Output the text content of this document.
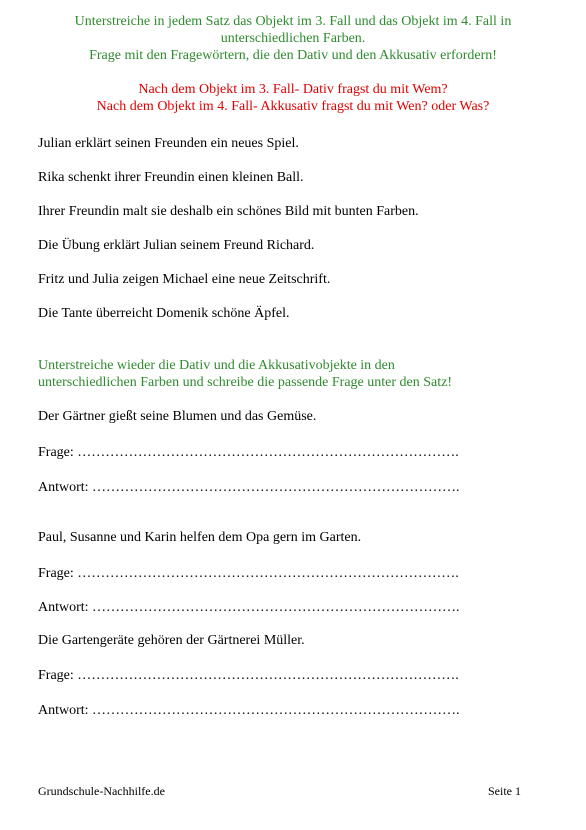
Unterstreiche in jedem Satz das Objekt im 3. Fall und das Objekt im 4. Fall in
unterschiedlichen Farben.
Frage mit den Fragewörtern, die den Dativ und den Akkusativ erfordern!
Nach dem Objekt im 3. Fall- Dativ fragst du mit Wem?
Nach dem Objekt im 4. Fall- Akkusativ fragst du mit Wen? oder Was?
Julian erklärt seinen Freunden ein neues Spiel.
Rika schenkt ihrer Freundin einen kleinen Ball.
Ihrer Freundin malt sie deshalb ein schönes Bild mit bunten Farben.
Die Übung erklärt Julian seinem Freund Richard.
Fritz und Julia zeigen Michael eine neue Zeitschrift.
Die Tante überreicht Domenik schöne Äpfel.
Unterstreiche wieder die Dativ und die Akkusativobjekte in den
unterschiedlichen Farben und schreibe die passende Frage unter den Satz!
Der Gärtner gießt seine Blumen und das Gemüse.
Frage: ……………………………………………………………………….
Antwort: …………………………………………………………………….
Paul, Susanne und Karin helfen dem Opa gern im Garten.
Frage: ……………………………………………………………………….
Antwort: …………………………………………………………………….
Die Gartengeräte gehören der Gärtnerei Müller.
Frage: ……………………………………………………………………….
Antwort: …………………………………………………………………….
Grundschule-Nachhilfe.de	Seite 1
